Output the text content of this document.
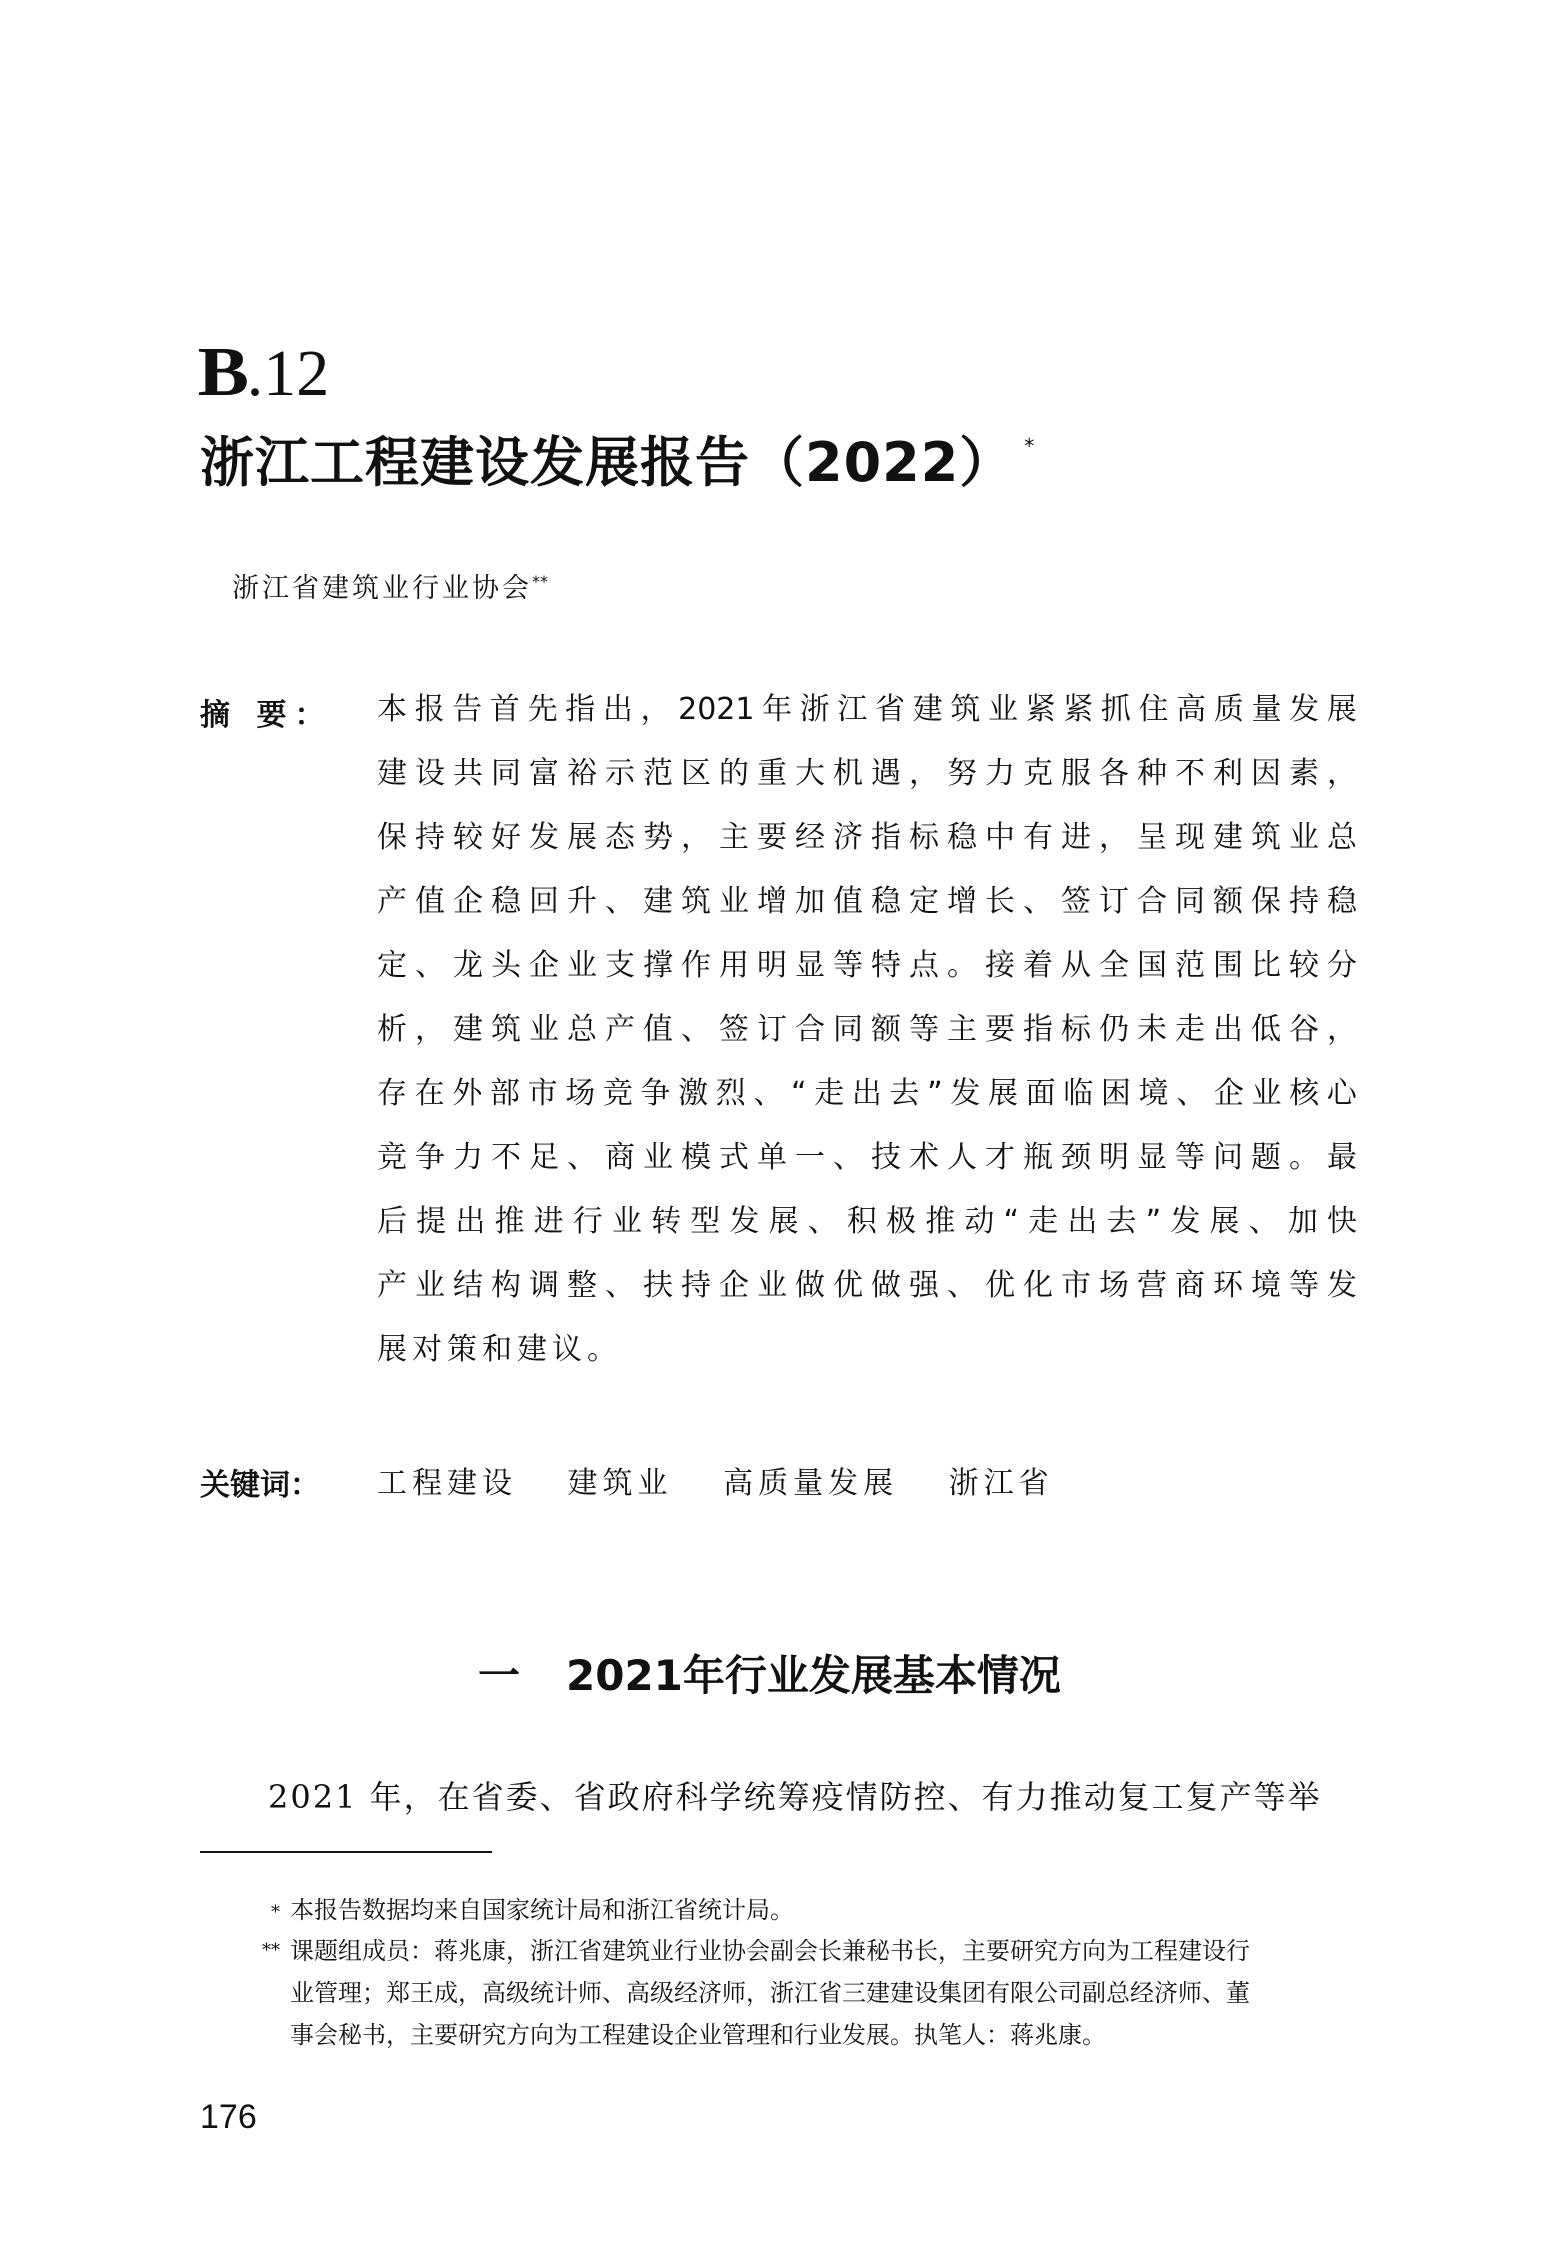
B.12
浙江工程建设发展报告（2022） *
浙江省建筑业行业协会**
摘 要： 本 报 告 首 先 指 出 ， 2021 年 浙 江 省 建 筑 业 紧 紧 抓 住 高 质 量 发 展
建 设 共 同 富 裕 示 范 区 的 重 大 机 遇 ， 努 力 克 服 各 种 不 利 因 素 ，
保 持 较 好 发 展 态 势 ， 主 要 经 济 指 标 稳 中 有 进 ， 呈 现 建 筑 业 总
产 值 企 稳 回 升 、 建 筑 业 增 加 值 稳 定 增 长 、 签 订 合 同 额 保 持 稳
定 、 龙 头 企 业 支 撑 作 用 明 显 等 特 点 。 接 着 从 全 国 范 围 比 较 分
析 ， 建 筑 业 总 产 值 、 签 订 合 同 额 等 主 要 指 标 仍 未 走 出 低 谷 ，
存 在 外 部 市 场 竞 争 激 烈 、 “ 走 出 去 ” 发 展 面 临 困 境 、 企 业 核 心
竞 争 力 不 足 、 商 业 模 式 单 一 、 技 术 人 才 瓶 颈 明 显 等 问 题 。 最
后 提 出 推 进 行 业 转 型 发 展 、 积 极 推 动 “ 走 出 去 ” 发 展 、 加 快
产 业 结 构 调 整 、 扶 持 企 业 做 优 做 强 、 优 化 市 场 营 商 环 境 等 发
展对策和建议。
关键词： 工程建设 建筑业 高质量发展 浙江省
一 2021年行业发展基本情况
2021 年，在省委、省政府科学统筹疫情防控、有力推动复工复产等举
* 本报告数据均来自国家统计局和浙江省统计局。
** 课题组成员：蒋兆康，浙江省建筑业行业协会副会长兼秘书长，主要研究方向为工程建设行
业管理；郑王成，高级统计师、高级经济师，浙江省三建建设集团有限公司副总经济师、董
事会秘书，主要研究方向为工程建设企业管理和行业发展。执笔人：蒋兆康。
176
